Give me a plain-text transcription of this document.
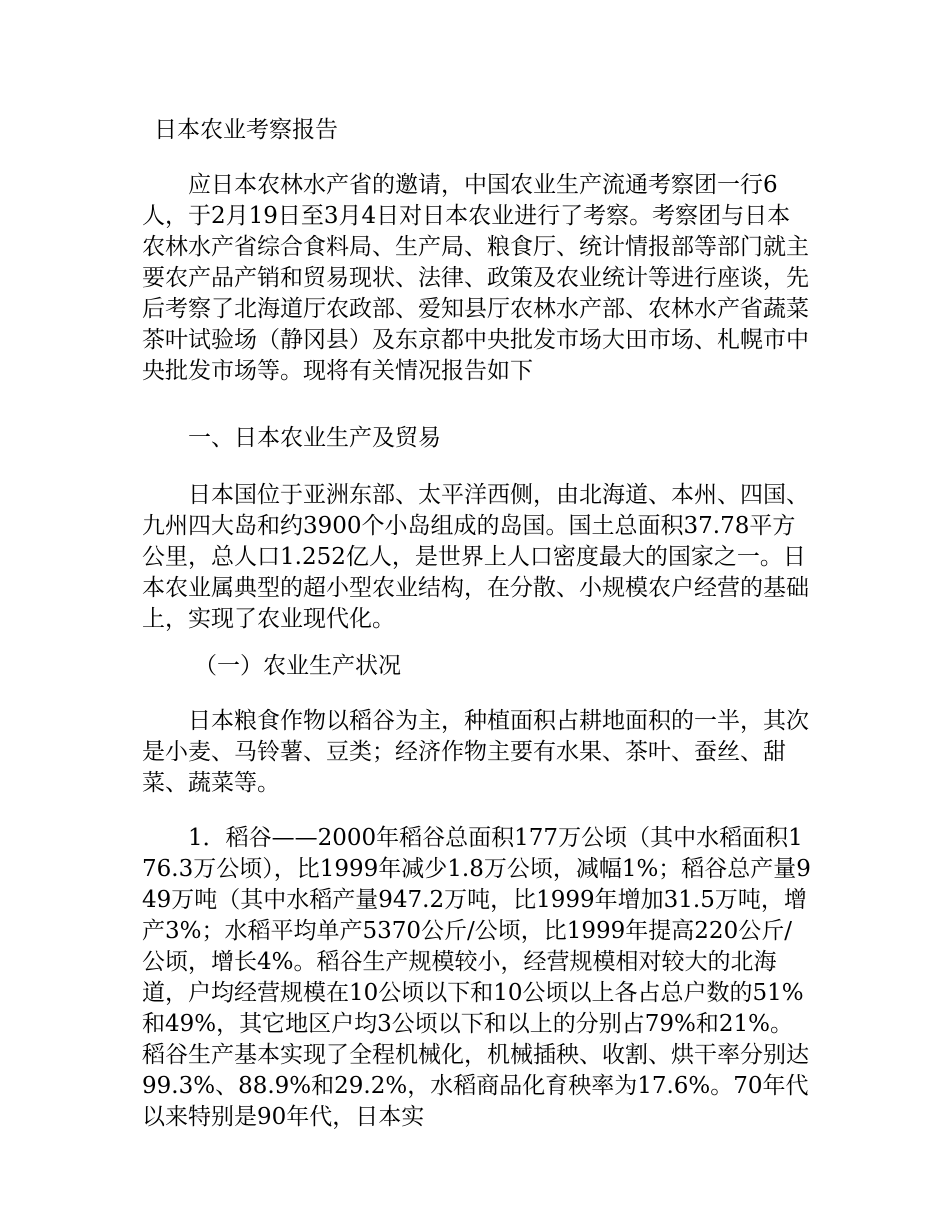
日本农业考察报告
应日本农林水产省的邀请，中国农业生产流通考察团一行6人，于2月19日至3月4日对日本农业进行了考察。考察团与日本农林水产省综合食料局、生产局、粮食厅、统计情报部等部门就主要农产品产销和贸易现状、法律、政策及农业统计等进行座谈，先后考察了北海道厅农政部、爱知县厅农林水产部、农林水产省蔬菜茶叶试验场（静冈县）及东京都中央批发市场大田市场、札幌市中央批发市场等。现将有关情况报告如下
一、日本农业生产及贸易
日本国位于亚洲东部、太平洋西侧，由北海道、本州、四国、九州四大岛和约3900个小岛组成的岛国。国土总面积37.78平方公里，总人口1.252亿人，是世界上人口密度最大的国家之一。日本农业属典型的超小型农业结构，在分散、小规模农户经营的基础上，实现了农业现代化。
（一）农业生产状况
日本粮食作物以稻谷为主，种植面积占耕地面积的一半，其次是小麦、马铃薯、豆类；经济作物主要有水果、茶叶、蚕丝、甜菜、蔬菜等。
1．稻谷——2000年稻谷总面积177万公顷（其中水稻面积176.3万公顷），比1999年减少1.8万公顷，减幅1%；稻谷总产量949万吨（其中水稻产量947.2万吨，比1999年增加31.5万吨，增产3%；水稻平均单产5370公斤/公顷，比1999年提高220公斤/公顷，增长4%。稻谷生产规模较小，经营规模相对较大的北海道，户均经营规模在10公顷以下和10公顷以上各占总户数的51%和49%，其它地区户均3公顷以下和以上的分别占79%和21%。稻谷生产基本实现了全程机械化，机械插秧、收割、烘干率分别达99.3%、88.9%和29.2%，水稻商品化育秧率为17.6%。70年代以来特别是90年代，日本实
